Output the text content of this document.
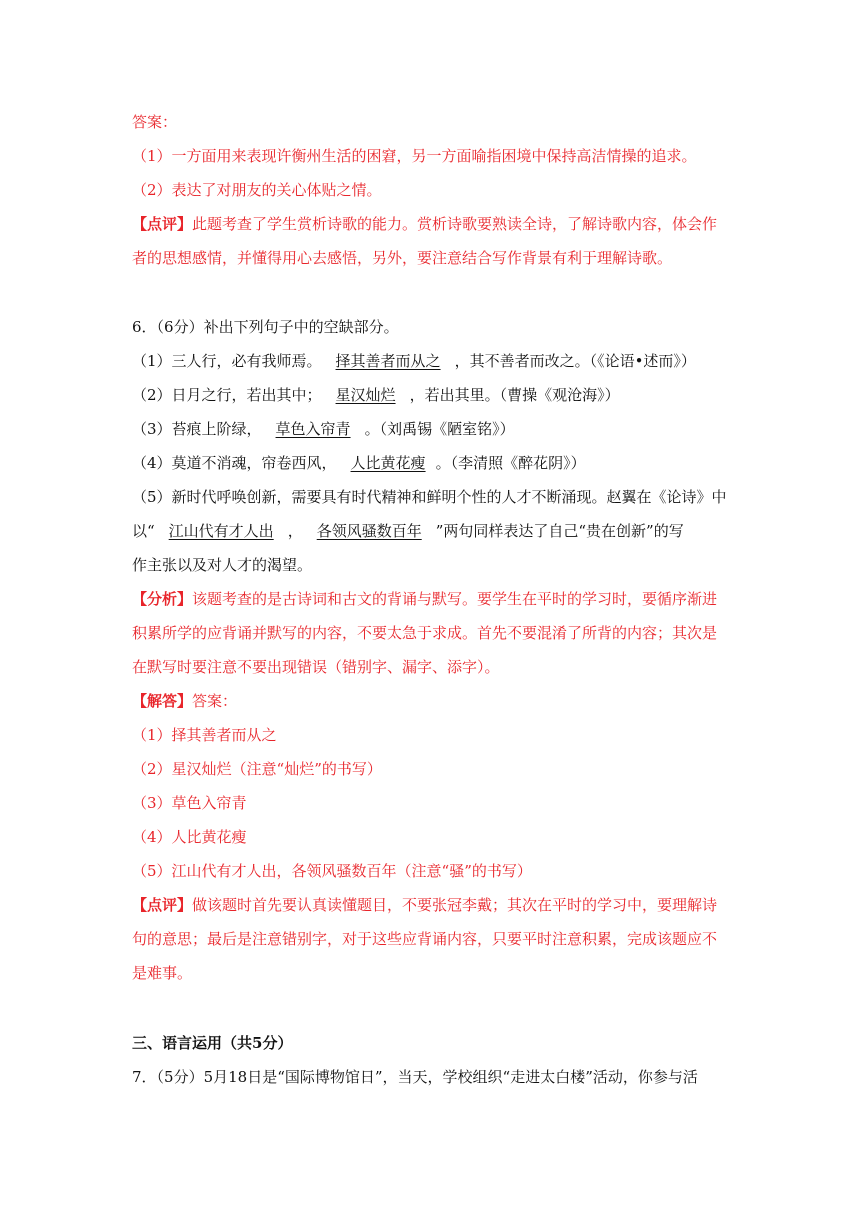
答案：
（1）一方面用来表现许衡州生活的困窘，另一方面喻指困境中保持高洁情操的追求。
（2）表达了对朋友的关心体贴之情。
【点评】此题考查了学生赏析诗歌的能力。赏析诗歌要熟读全诗，了解诗歌内容，体会作
者的思想感情，并懂得用心去感悟，另外，要注意结合写作背景有利于理解诗歌。
6．（6分）补出下列句子中的空缺部分。
（1）三人行，必有我师焉。 择其善者而从之 ，其不善者而改之。（《论语•述而》）
（2）日月之行，若出其中； 星汉灿烂 ，若出其里。（曹操《观沧海》）
（3）苔痕上阶绿， 草色入帘青 。（刘禹锡《陋室铭》）
（4）莫道不消魂，帘卷西风， 人比黄花瘦 。（李清照《醉花阴》）
（5）新时代呼唤创新，需要具有时代精神和鲜明个性的人才不断涌现。赵翼在《论诗》中
以“ 江山代有才人出 ， 各领风骚数百年 ”两句同样表达了自己“贵在创新”的写
作主张以及对人才的渴望。
【分析】该题考查的是古诗词和古文的背诵与默写。要学生在平时的学习时，要循序渐进
积累所学的应背诵并默写的内容，不要太急于求成。首先不要混淆了所背的内容；其次是
在默写时要注意不要出现错误（错别字、漏字、添字）。
【解答】答案：
（1）择其善者而从之
（2）星汉灿烂（注意“灿烂”的书写）
（3）草色入帘青
（4）人比黄花瘦
（5）江山代有才人出，各领风骚数百年（注意“骚”的书写）
【点评】做该题时首先要认真读懂题目，不要张冠李戴；其次在平时的学习中，要理解诗
句的意思；最后是注意错别字，对于这些应背诵内容，只要平时注意积累，完成该题应不
是难事。
三、语言运用（共5分）
7．（5分）5月18日是“国际博物馆日”，当天，学校组织“走进太白楼”活动，你参与活
